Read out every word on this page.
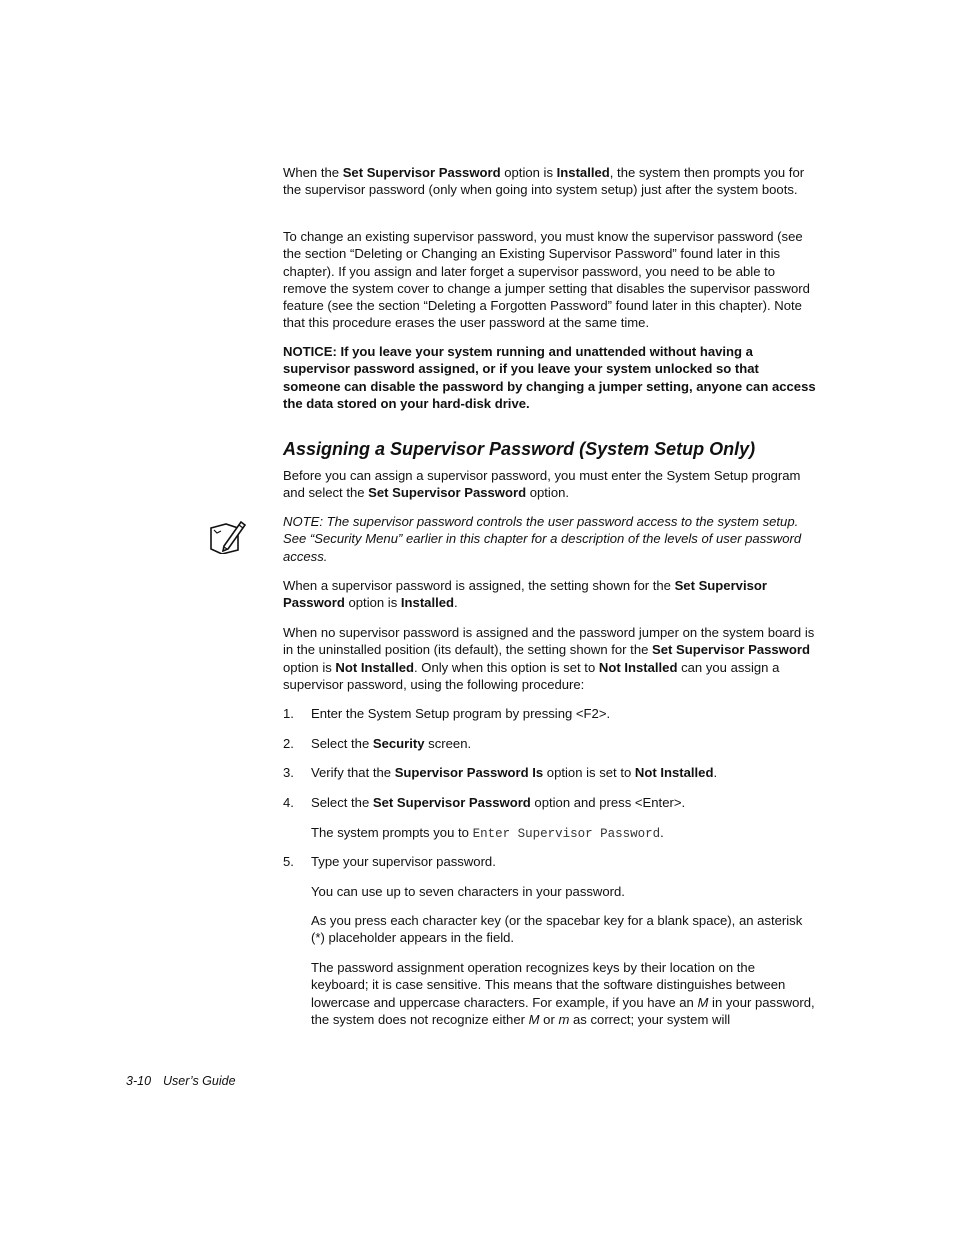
When the Set Supervisor Password option is Installed, the system then prompts you for the supervisor password (only when going into system setup) just after the system boots.

To change an existing supervisor password, you must know the supervisor password (see the section “Deleting or Changing an Existing Supervisor Password” found later in this chapter). If you assign and later forget a supervisor password, you need to be able to remove the system cover to change a jumper setting that disables the supervisor password feature (see the section “Deleting a Forgotten Password” found later in this chapter). Note that this procedure erases the user password at the same time.

NOTICE: If you leave your system running and unattended without having a supervisor password assigned, or if you leave your system unlocked so that someone can disable the password by changing a jumper setting, anyone can access the data stored on your hard-disk drive.

Assigning a Supervisor Password (System Setup Only)

Before you can assign a supervisor password, you must enter the System Setup program and select the Set Supervisor Password option.

NOTE: The supervisor password controls the user password access to the system setup. See “Security Menu” earlier in this chapter for a description of the levels of user password access.

When a supervisor password is assigned, the setting shown for the Set Supervisor Password option is Installed.

When no supervisor password is assigned and the password jumper on the system board is in the uninstalled position (its default), the setting shown for the Set Supervisor Password option is Not Installed. Only when this option is set to Not Installed can you assign a supervisor password, using the following procedure:

1. Enter the System Setup program by pressing <F2>.
2. Select the Security screen.
3. Verify that the Supervisor Password Is option is set to Not Installed.
4. Select the Set Supervisor Password option and press <Enter>.
The system prompts you to Enter Supervisor Password.
5. Type your supervisor password.
You can use up to seven characters in your password.
As you press each character key (or the spacebar key for a blank space), an asterisk (*) placeholder appears in the field.
The password assignment operation recognizes keys by their location on the keyboard; it is case sensitive. This means that the software distinguishes between lowercase and uppercase characters. For example, if you have an M in your password, the system does not recognize either M or m as correct; your system will
3-10 User’s Guide
